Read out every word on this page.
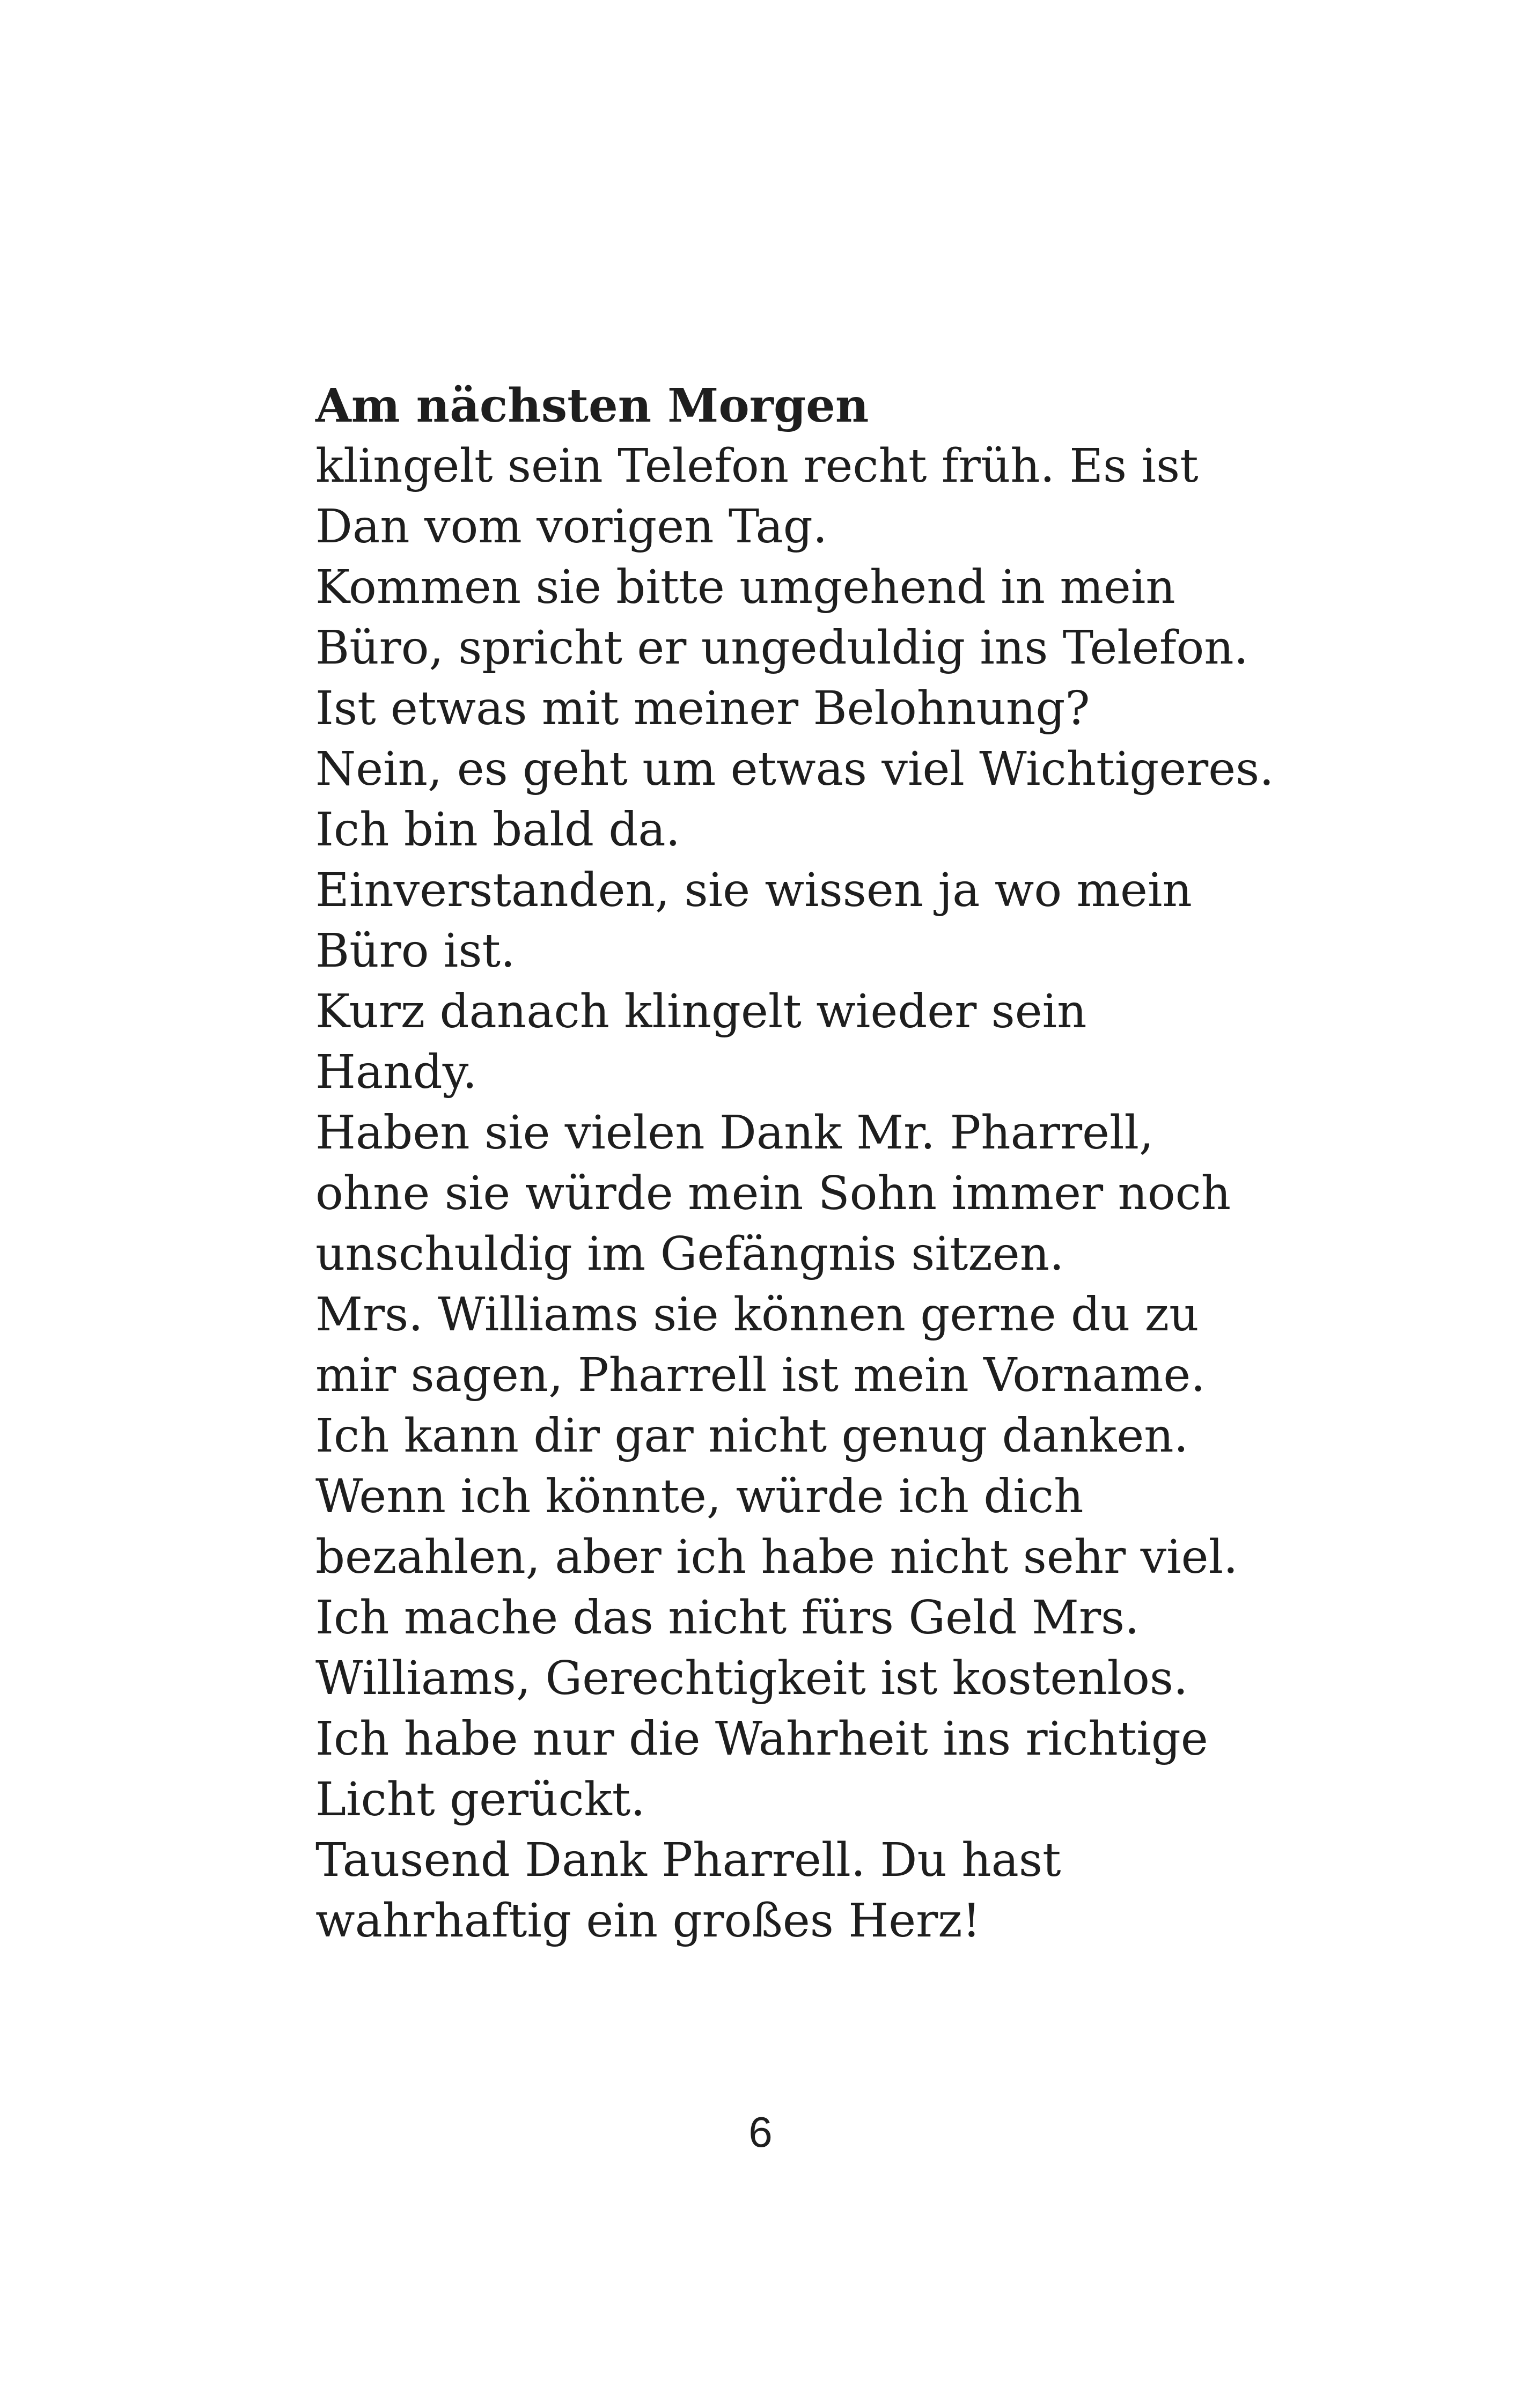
Am nächsten Morgen
klingelt sein Telefon recht früh. Es ist
Dan vom vorigen Tag.
Kommen sie bitte umgehend in mein
Büro, spricht er ungeduldig ins Telefon.
Ist etwas mit meiner Belohnung?
Nein, es geht um etwas viel Wichtigeres.
Ich bin bald da.
Einverstanden, sie wissen ja wo mein
Büro ist.
Kurz danach klingelt wieder sein
Handy.
Haben sie vielen Dank Mr. Pharrell,
ohne sie würde mein Sohn immer noch
unschuldig im Gefängnis sitzen.
Mrs. Williams sie können gerne du zu
mir sagen, Pharrell ist mein Vorname.
Ich kann dir gar nicht genug danken.
Wenn ich könnte, würde ich dich
bezahlen, aber ich habe nicht sehr viel.
Ich mache das nicht fürs Geld Mrs.
Williams, Gerechtigkeit ist kostenlos.
Ich habe nur die Wahrheit ins richtige
Licht gerückt.
Tausend Dank Pharrell. Du hast
wahrhaftig ein großes Herz!
6
